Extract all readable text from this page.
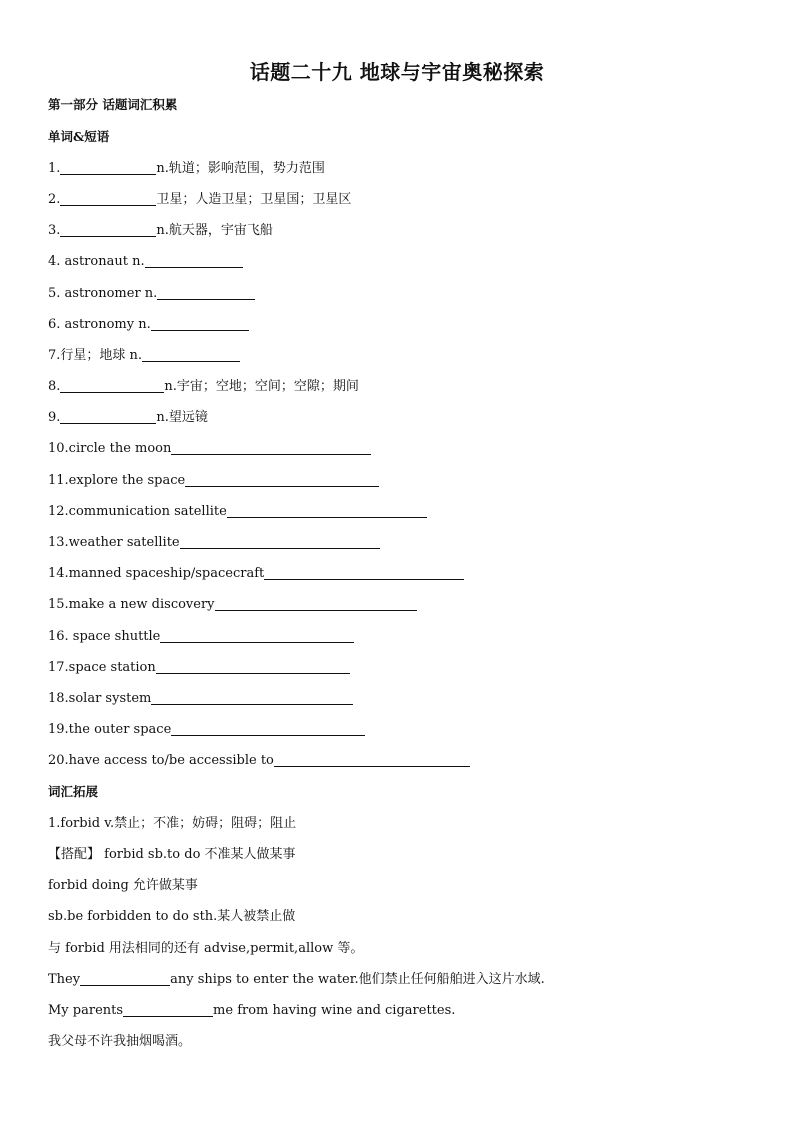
话题二十九 地球与宇宙奥秘探索
第一部分 话题词汇积累
单词&短语
1.	n.轨道；影响范围，势力范围
2.	卫星；人造卫星；卫星国；卫星区
3.	n.航天器，宇宙飞船
4. astronaut n.
5. astronomer n.
6. astronomy n.
7.行星；地球 n.
8.	n.宇宙；空地；空间；空隙；期间
9.	n.望远镜
10.circle the moon
11.explore the space
12.communication satellite
13.weather satellite
14.manned spaceship/spacecraft
15.make a new discovery
16. space shuttle
17.space station
18.solar system
19.the outer space
20.have access to/be accessible to
词汇拓展
1.forbid v.禁止；不准；妨碍；阻碍；阻止
【搭配】 forbid sb.to do 不准某人做某事
forbid doing 允许做某事
sb.be forbidden to do sth.某人被禁止做
与 forbid 用法相同的还有 advise,permit,allow 等。
They	any ships to enter the water.他们禁止任何船舶进入这片水域.
My parents	me from having wine and cigarettes.
我父母不许我抽烟喝酒。
